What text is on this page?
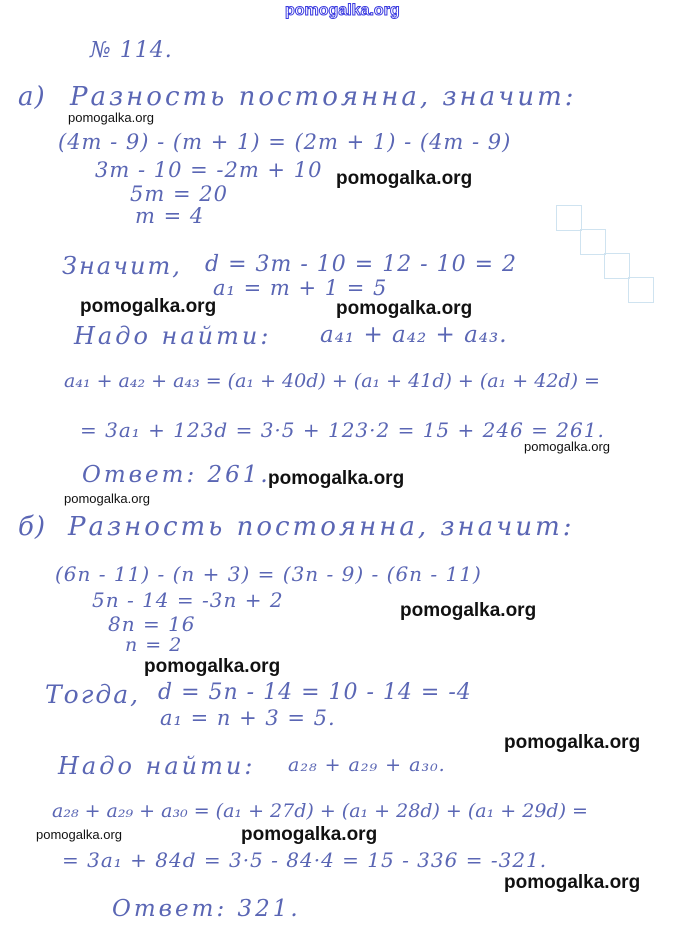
pomogalka.org
№ 114.
а) Разность постоянна, значит:
(4m - 9) - (m + 1) = (2m + 1) - (4m - 9)
3m - 10 = -2m + 10
5m = 20
m = 4
Значит, d = 3m - 10 = 12 - 10 = 2
a₁ = m + 1 = 5
Надо найти: a₄₁ + a₄₂ + a₄₃.
a₄₁ + a₄₂ + a₄₃ = (a₁ + 40d) + (a₁ + 41d) + (a₁ + 42d) =
= 3a₁ + 123d = 3·5 + 123·2 = 15 + 246 = 261.
Ответ: 261.
б) Разность постоянна, значит:
(6n - 11) - (n + 3) = (3n - 9) - (6n - 11)
5n - 14 = -3n + 2
8n = 16
n = 2
Тогда, d = 5n - 14 = 10 - 14 = -4
a₁ = n + 3 = 5.
Надо найти: a₂₈ + a₂₉ + a₃₀.
a₂₈ + a₂₉ + a₃₀ = (a₁ + 27d) + (a₁ + 28d) + (a₁ + 29d) =
= 3a₁ + 84d = 3·5 - 84·4 = 15 - 336 = -321.
Ответ: 321.
pomogalka.org
pomogalka.org
pomogalka.org	pomogalka.org
pomogalka.org
pomogalka.org
pomogalka.org
pomogalka.org
pomogalka.org
pomogalka.org
pomogalka.org	pomogalka.org
pomogalka.org
